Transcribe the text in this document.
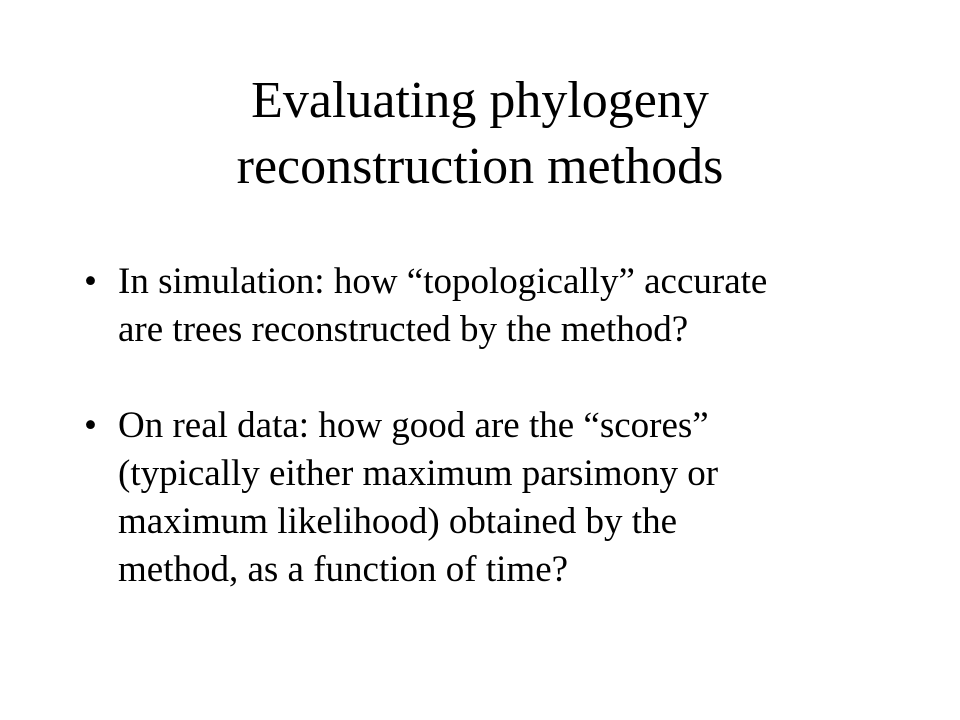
Evaluating phylogeny
reconstruction methods
• In simulation: how “topologically” accurate
are trees reconstructed by the method?
• On real data: how good are the “scores”
(typically either maximum parsimony or
maximum likelihood) obtained by the
method, as a function of time?
